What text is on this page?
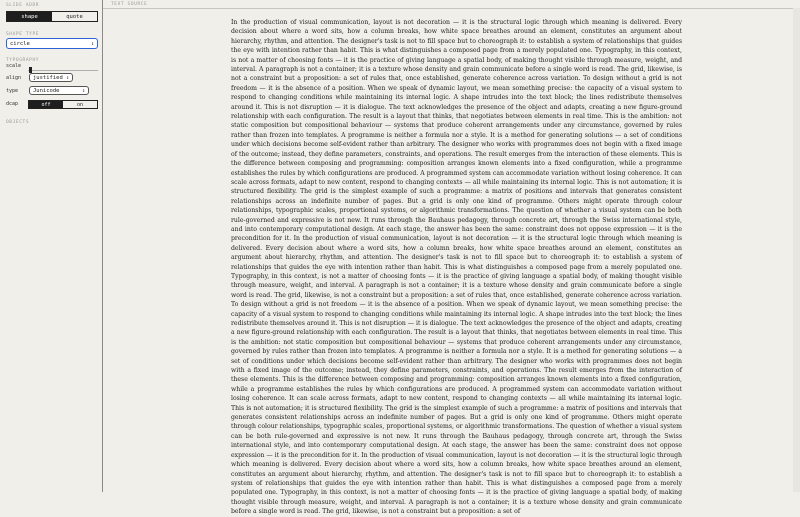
SLIDE ADDR
shape	quote
SHAPE TYPE
circle	↕
TYPOGRAPHY
scale
align justified ↕
type	Junicode	↕
dcap	off	on
OBJECTS
TEXT SOURCE

In the production of visual communication, layout is not decoration — it is the structural logic through which meaning is delivered. Every decision about where a word sits, how a column breaks, how white space breathes around an element, constitutes an argument about hierarchy, rhythm, and attention. The designer's task is not to fill space but to choreograph it: to establish a system of relationships that guides the eye with intention rather than habit. This is what distinguishes a composed page from a merely populated one. Typography, in this context, is not a matter of choosing fonts — it is the practice of giving language a spatial body, of making thought visible through measure, weight, and interval. A paragraph is not a container; it is a texture whose density and grain communicate before a single word is read. The grid, likewise, is not a constraint but a proposition: a set of rules that, once established, generate coherence across variation. To design without a grid is not freedom — it is the absence of a position. When we speak of dynamic layout, we mean something precise: the capacity of a visual system to respond to changing conditions while maintaining its internal logic. A shape intrudes into the text block; the lines redistribute themselves around it. This is not disruption — it is dialogue. The text acknowledges the presence of the object and adapts, creating a new figure-ground relationship with each configuration. The result is a layout that thinks, that negotiates between elements in real time. This is the ambition: not static composition but compositional behaviour — systems that produce coherent arrangements under any circumstance, governed by rules rather than frozen into templates. A programme is neither a formula nor a style. It is a method for generating solutions — a set of conditions under which decisions become self-evident rather than arbitrary. The designer who works with programmes does not begin with a fixed image of the outcome; instead, they define parameters, constraints, and operations. The result emerges from the interaction of these elements. This is the difference between composing and programming: composition arranges known elements into a fixed configuration, while a programme establishes the rules by which configurations are produced. A programmed system can accommodate variation without losing coherence. It can scale across formats, adapt to new content, respond to changing contexts — all while maintaining its internal logic. This is not automation; it is structured flexibility. The grid is the simplest example of such a programme: a matrix of positions and intervals that generates consistent relationships across an indefinite number of pages. But a grid is only one kind of programme. Others might operate through colour relationships, typographic scales, proportional systems, or algorithmic transformations. The question of whether a visual system can be both rule-governed and expressive is not new. It runs through the Bauhaus pedagogy, through concrete art, through the Swiss international style, and into contemporary computational design. At each stage, the answer has been the same: constraint does not oppose expression — it is the precondition for it. In the production of visual communication, layout is not decoration — it is the structural logic through which meaning is delivered. Every decision about where a word sits, how a column breaks, how white space breathes around an element, constitutes an argument about hierarchy, rhythm, and attention. The designer's task is not to fill space but to choreograph it: to establish a system of relationships that guides the eye with intention rather than habit. This is what distinguishes a composed page from a merely populated one. Typography, in this context, is not a matter of choosing fonts — it is the practice of giving language a spatial body, of making thought visible through measure, weight, and interval. A paragraph is not a container; it is a texture whose density and grain communicate before a single word is read. The grid, likewise, is not a constraint but a proposition: a set of rules that, once established, generate coherence across variation. To design without a grid is not freedom — it is the absence of a position. When we speak of dynamic layout, we mean something precise: the capacity of a visual system to respond to changing conditions while maintaining its internal logic. A shape intrudes into the text block; the lines redistribute themselves around it. This is not disruption — it is dialogue. The text acknowledges the presence of the object and adapts, creating a new figure-ground relationship with each configuration. The result is a layout that thinks, that negotiates between elements in real time. This is the ambition: not static composition but compositional behaviour — systems that produce coherent arrangements under any circumstance, governed by rules rather than frozen into templates. A programme is neither a formula nor a style. It is a method for generating solutions — a set of conditions under which decisions become self-evident rather than arbitrary. The designer who works with programmes does not begin with a fixed image of the outcome; instead, they define parameters, constraints, and operations. The result emerges from the interaction of these elements. This is the difference between composing and programming: composition arranges known elements into a fixed configuration, while a programme establishes the rules by which configurations are produced. A programmed system can accommodate variation without losing coherence. It can scale across formats, adapt to new content, respond to changing contexts — all while maintaining its internal logic. This is not automation; it is structured flexibility. The grid is the simplest example of such a programme: a matrix of positions and intervals that generates consistent relationships across an indefinite number of pages. But a grid is only one kind of programme. Others might operate through colour relationships, typographic scales, proportional systems, or algorithmic transformations. The question of whether a visual system can be both rule-governed and expressive is not new. It runs through the Bauhaus pedagogy, through concrete art, through the Swiss international style, and into contemporary computational design. At each stage, the answer has been the same: constraint does not oppose expression — it is the precondition for it. In the production of visual communication, layout is not decoration — it is the structural logic through which meaning is delivered. Every decision about where a word sits, how a column breaks, how white space breathes around an element, constitutes an argument about hierarchy, rhythm, and attention. The designer's task is not to fill space but to choreograph it: to establish a system of relationships that guides the eye with intention rather than habit. This is what distinguishes a composed page from a merely populated one. Typography, in this context, is not a matter of choosing fonts — it is the practice of giving language a spatial body, of making thought visible through measure, weight, and interval. A paragraph is not a container; it is a texture whose density and grain communicate before a single word is read. The grid, likewise, is not a constraint but a proposition: a set of
